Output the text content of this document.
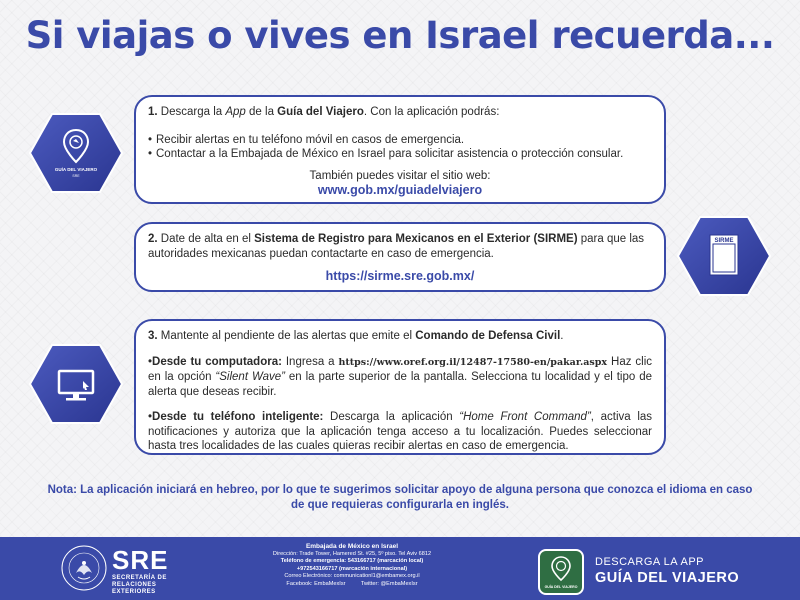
Si viajas o vives en Israel recuerda...
GUÍA DEL VIAJERO
SRE

1. Descarga la App de la Guía del Viajero. Con la aplicación podrás:

• Recibir alertas en tu teléfono móvil en casos de emergencia.
• Contactar a la Embajada de México en Israel para solicitar asistencia o protección consular.

También puedes visitar el sitio web:

www.gob.mx/guiadelviajero

2. Date de alta en el Sistema de Registro para Mexicanos en el Exterior (SIRME) para que las autoridades mexicanas puedan contactarte en caso de emergencia.

https://sirme.sre.gob.mx/

SIRME

3. Mantente al pendiente de las alertas que emite el Comando de Defensa Civil.

•Desde tu computadora: Ingresa a https://www.oref.org.il/12487-17580-en/pakar.aspx Haz clic en la opción “Silent Wave” en la parte superior de la pantalla. Selecciona tu localidad y el tipo de alerta que deseas recibir.

•Desde tu teléfono inteligente: Descarga la aplicación “Home Front Command”, activa las notificaciones y autoriza que la aplicación tenga acceso a tu localización. Puedes seleccionar hasta tres localidades de las cuales quieras recibir alertas en caso de emergencia.

Nota: La aplicación iniciará en hebreo, por lo que te sugerimos solicitar apoyo de alguna persona que conozca el idioma en caso de que requieras configurarla en inglés.
SRE
SECRETARÍA DE
RELACIONES
EXTERIORES
Embajada de México en Israel
Dirección: Trade Tower, Hamered St. #25, 5º piso. Tel Aviv 6812
Teléfono de emergencia: 543166717 (marcación local)
+972543166717 (marcación internacional)
Correo Electrónico: communicationl1@embamex.org.il
Facebook: EmbaMexIsr          Twitter: @EmbaMexIsr
GUÍA DEL VIAJERO
DESCARGA LA APP
GUÍA DEL VIAJERO
